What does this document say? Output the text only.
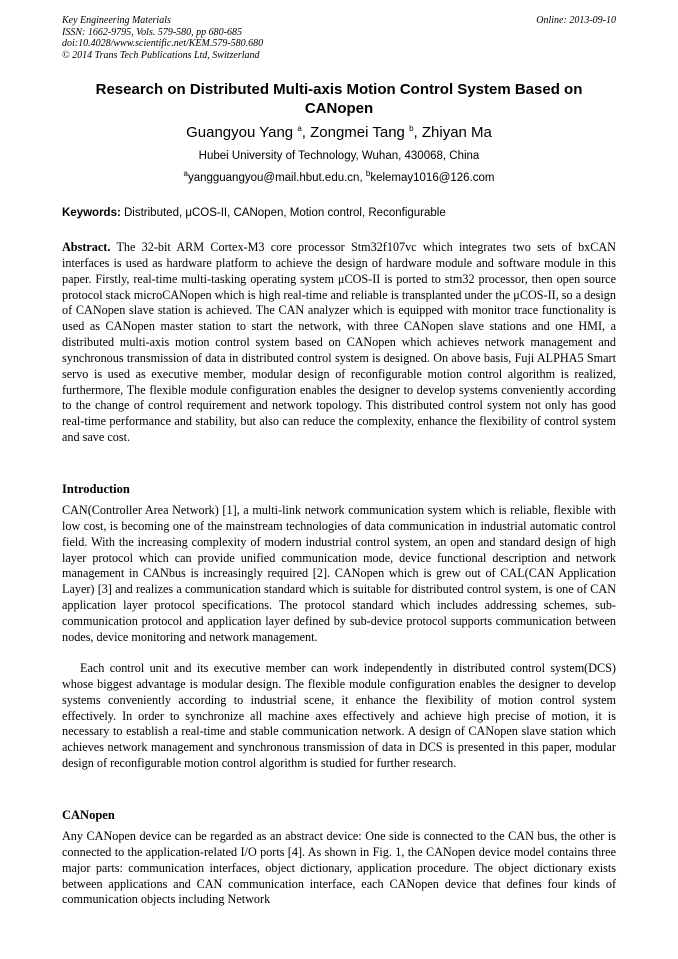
Key Engineering Materials
ISSN: 1662-9795, Vols. 579-580, pp 680-685
doi:10.4028/www.scientific.net/KEM.579-580.680
© 2014 Trans Tech Publications Ltd, Switzerland
Online: 2013-09-10
Research on Distributed Multi-axis Motion Control System Based on CANopen
Guangyou Yang $^a$, Zongmei Tang $^b$, Zhiyan Ma
Hubei University of Technology, Wuhan, 430068, China
$^a$yangguangyou@mail.hbut.edu.cn, $^b$kelemay1016@126.com
Keywords: Distributed, μCOS-II, CANopen, Motion control, Reconfigurable
Abstract. The 32-bit ARM Cortex-M3 core processor Stm32f107vc which integrates two sets of bxCAN interfaces is used as hardware platform to achieve the design of hardware module and software module in this paper. Firstly, real-time multi-tasking operating system μCOS-II is ported to stm32 processor, then open source protocol stack microCANopen which is high real-time and reliable is transplanted under the μCOS-II, so a design of CANopen slave station is achieved. The CAN analyzer which is equipped with monitor trace functionality is used as CANopen master station to start the network, with three CANopen slave stations and one HMI, a distributed multi-axis motion control system based on CANopen which achieves network management and synchronous transmission of data in distributed control system is designed. On above basis, Fuji ALPHA5 Smart servo is used as executive member, modular design of reconfigurable motion control algorithm is realized, furthermore, The flexible module configuration enables the designer to develop systems conveniently according to the change of control requirement and network topology. This distributed control system not only has good real-time performance and stability, but also can reduce the complexity, enhance the flexibility of control system and save cost.
Introduction
CAN(Controller Area Network) [1], a multi-link network communication system which is reliable, flexible with low cost, is becoming one of the mainstream technologies of data communication in industrial automatic control field. With the increasing complexity of modern industrial control system, an open and standard design of high layer protocol which can provide unified communication mode, device functional description and network management in CANbus is increasingly required [2]. CANopen which is grew out of CAL(CAN Application Layer) [3] and realizes a communication standard which is suitable for distributed control system, is one of CAN application layer protocol specifications. The protocol standard which includes addressing schemes, sub-communication protocol and application layer defined by sub-device protocol supports communication between nodes, device monitoring and network management.
Each control unit and its executive member can work independently in distributed control system(DCS) whose biggest advantage is modular design. The flexible module configuration enables the designer to develop systems conveniently according to industrial scene, it enhance the flexibility of motion control system effectively. In order to synchronize all machine axes effectively and achieve high precise of motion, it is necessary to establish a real-time and stable communication network. A design of CANopen slave station which achieves network management and synchronous transmission of data in DCS is presented in this paper, modular design of reconfigurable motion control algorithm is studied for further research.
CANopen
Any CANopen device can be regarded as an abstract device: One side is connected to the CAN bus, the other is connected to the application-related I/O ports [4]. As shown in Fig. 1, the CANopen device model contains three major parts: communication interfaces, object dictionary, application procedure. The object dictionary exists between applications and CAN communication interface, each CANopen device that defines four kinds of communication objects including Network
